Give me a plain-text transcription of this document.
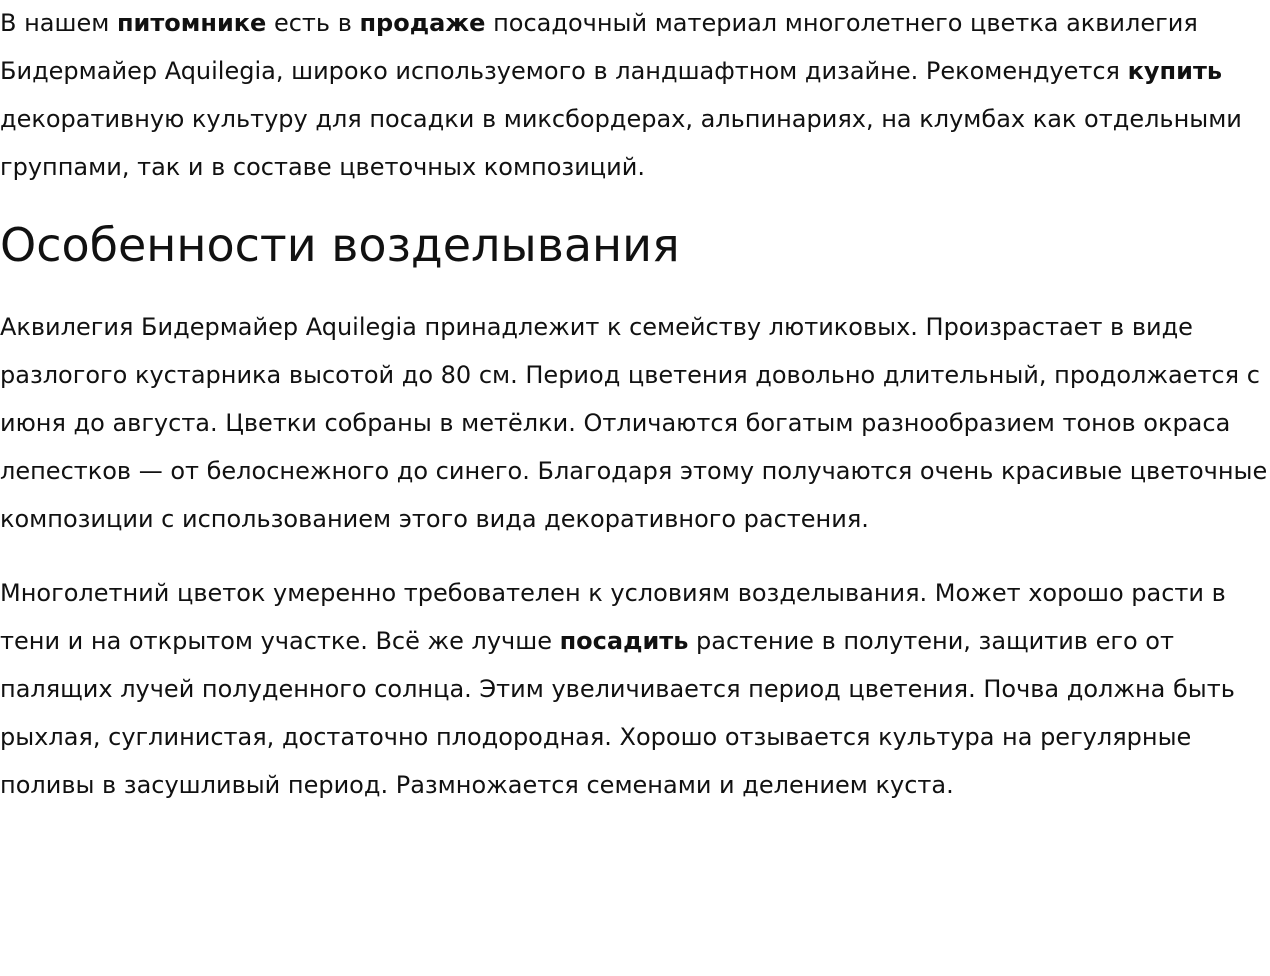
В нашем питомнике есть в продаже посадочный материал многолетнего цветка аквилегия Бидермайер Aquilegia, широко используемого в ландшафтном дизайне. Рекомендуется купить декоративную культуру для посадки в миксбордерах, альпинариях, на клумбах как отдельными группами, так и в составе цветочных композиций.

Особенности возделывания

Аквилегия Бидермайер Aquilegia принадлежит к семейству лютиковых. Произрастает в виде разлогого кустарника высотой до 80 см. Период цветения довольно длительный, продолжается с июня до августа. Цветки собраны в метёлки. Отличаются богатым разнообразием тонов окраса лепестков — от белоснежного до синего. Благодаря этому получаются очень красивые цветочные композиции с использованием этого вида декоративного растения.

Многолетний цветок умеренно требователен к условиям возделывания. Может хорошо расти в тени и на открытом участке. Всё же лучше посадить растение в полутени, защитив его от палящих лучей полуденного солнца. Этим увеличивается период цветения. Почва должна быть рыхлая, суглинистая, достаточно плодородная. Хорошо отзывается культура на регулярные поливы в засушливый период. Размножается семенами и делением куста.
